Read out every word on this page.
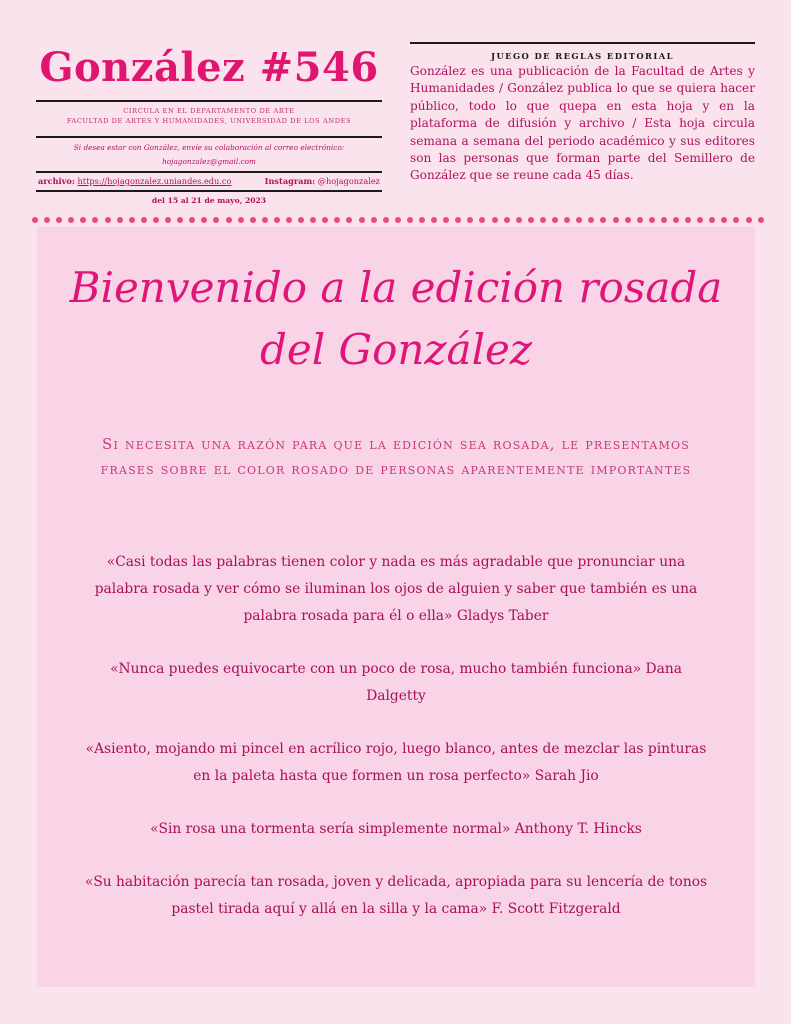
González #546
CIRCULA EN EL DEPARTAMENTO DE ARTE
FACULTAD DE ARTES Y HUMANIDADES, UNIVERSIDAD DE LOS ANDES
Si desea estar con González, envíe su colaboración al correo electrónico:
hojagonzalez@gmail.com
archivo: https://hojagonzalez.uniandes.edu.co	Instagram: @hojagonzalez
del 15 al 21 de mayo, 2023
JUEGO DE REGLAS EDITORIAL
González es una publicación de la Facultad de Artes y Humanidades / González publica lo que se quiera hacer público, todo lo que quepa en esta hoja y en la plataforma de difusión y archivo / Esta hoja circula semana a semana del periodo académico y sus editores son las personas que forman parte del Semillero de González que se reune cada 45 días.
Bienvenido a la edición rosada
del González
Si necesita una razón para que la edición sea rosada, le presentamos frases sobre el color rosado de personas aparentemente importantes

«Casi todas las palabras tienen color y nada es más agradable que pronunciar una palabra rosada y ver cómo se iluminan los ojos de alguien y saber que también es una palabra rosada para él o ella» Gladys Taber

«Nunca puedes equivocarte con un poco de rosa, mucho también funciona» Dana Dalgetty

«Asiento, mojando mi pincel en acrílico rojo, luego blanco, antes de mezclar las pinturas en la paleta hasta que formen un rosa perfecto» Sarah Jio

«Sin rosa una tormenta sería simplemente normal» Anthony T. Hincks

«Su habitación parecía tan rosada, joven y delicada, apropiada para su lencería de tonos pastel tirada aquí y allá en la silla y la cama» F. Scott Fitzgerald
